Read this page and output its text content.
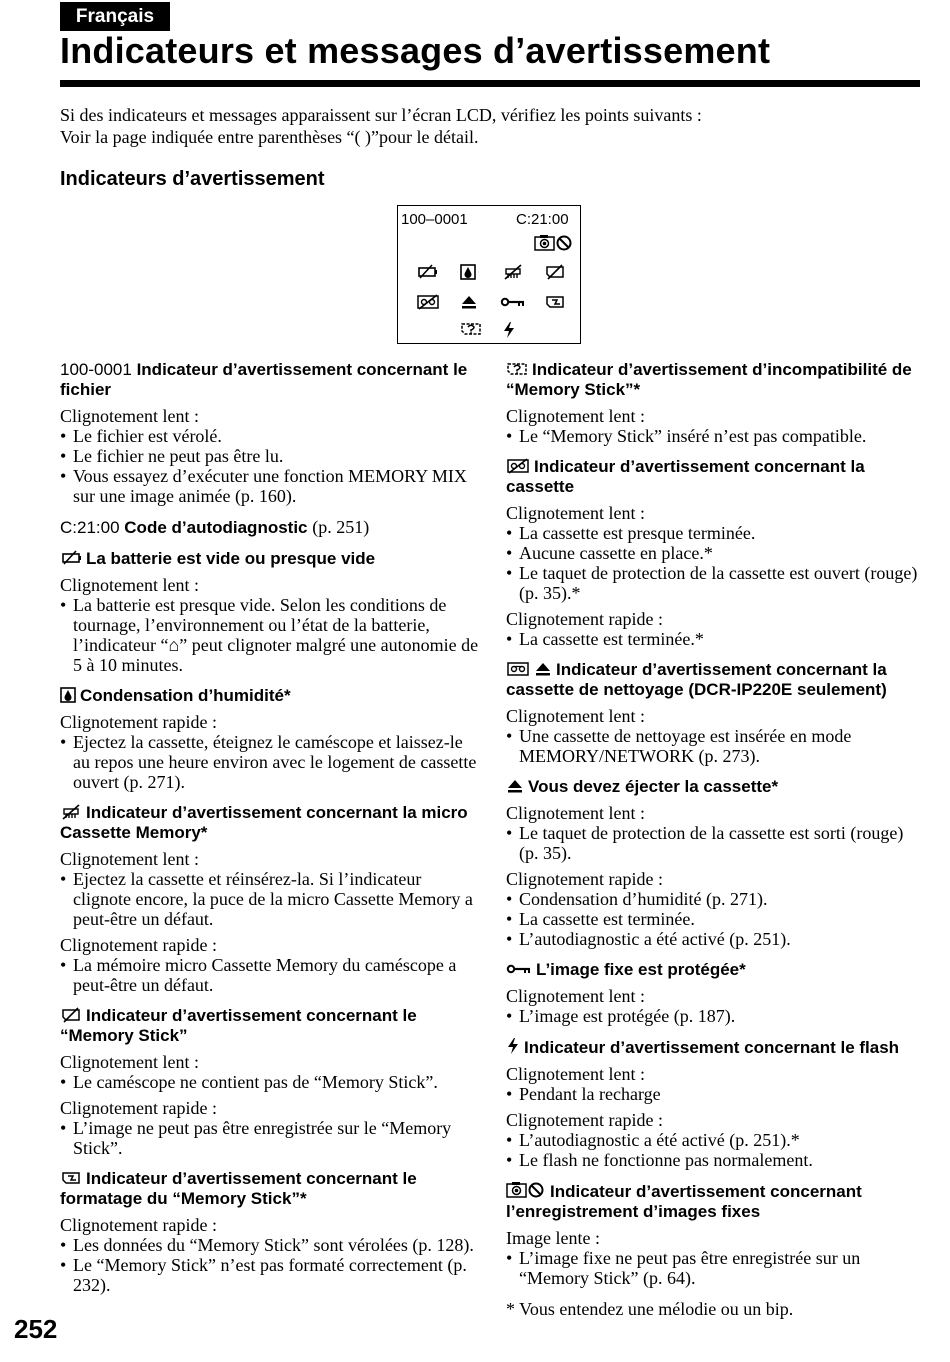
Français
Indicateurs et messages d’avertissement

Si des indicateurs et messages apparaissent sur l’écran LCD, vérifiez les points suivants :

Voir la page indiquée entre parenthèses “( )”pour le détail.

Indicateurs d’avertissement
100–0001	C:21:00
100-0001 Indicateur d’avertissement concernant le fichier
Clignotement lent :
• Le fichier est vérolé.
• Le fichier ne peut pas être lu.
• Vous essayez d’exécuter une fonction MEMORY MIX sur une image animée (p. 160).
C:21:00 Code d’autodiagnostic (p. 251)
La batterie est vide ou presque vide
Clignotement lent :
• La batterie est presque vide. Selon les conditions de tournage, l’environnement ou l’état de la batterie, l’indicateur “⌂” peut clignoter malgré une autonomie de 5 à 10 minutes.
Condensation d’humidité*
Clignotement rapide :
• Ejectez la cassette, éteignez le caméscope et laissez-le au repos une heure environ avec le logement de cassette ouvert (p. 271).
Indicateur d’avertissement concernant la micro Cassette Memory*
Clignotement lent :
• Ejectez la cassette et réinsérez-la. Si l’indicateur clignote encore, la puce de la micro Cassette Memory a peut-être un défaut.
Clignotement rapide :
• La mémoire micro Cassette Memory du caméscope a peut-être un défaut.
Indicateur d’avertissement concernant le “Memory Stick”
Clignotement lent :
• Le caméscope ne contient pas de “Memory Stick”.
Clignotement rapide :
• L’image ne peut pas être enregistrée sur le “Memory Stick”.
Indicateur d’avertissement concernant le formatage du “Memory Stick”*
Clignotement rapide :
• Les données du “Memory Stick” sont vérolées (p. 128).
• Le “Memory Stick” n’est pas formaté correctement (p. 232).
Indicateur d’avertissement d’incompatibilité de “Memory Stick”*
Clignotement lent :
• Le “Memory Stick” inséré n’est pas compatible.
Indicateur d’avertissement concernant la cassette
Clignotement lent :
• La cassette est presque terminée.
• Aucune cassette en place.*
• Le taquet de protection de la cassette est ouvert (rouge) (p. 35).*
Clignotement rapide :
• La cassette est terminée.*
Indicateur d’avertissement concernant la cassette de nettoyage (DCR-IP220E seulement)
Clignotement lent :
• Une cassette de nettoyage est insérée en mode MEMORY/NETWORK (p. 273).
Vous devez éjecter la cassette*
Clignotement lent :
• Le taquet de protection de la cassette est sorti (rouge) (p. 35).
Clignotement rapide :
• Condensation d’humidité (p. 271).
• La cassette est terminée.
• L’autodiagnostic a été activé (p. 251).
L’image fixe est protégée*
Clignotement lent :
• L’image est protégée (p. 187).
Indicateur d’avertissement concernant le flash
Clignotement lent :
• Pendant la recharge
Clignotement rapide :
• L’autodiagnostic a été activé (p. 251).*
• Le flash ne fonctionne pas normalement.
Indicateur d’avertissement concernant l’enregistrement d’images fixes
Image lente :
• L’image fixe ne peut pas être enregistrée sur un “Memory Stick” (p. 64).
* Vous entendez une mélodie ou un bip.
252
